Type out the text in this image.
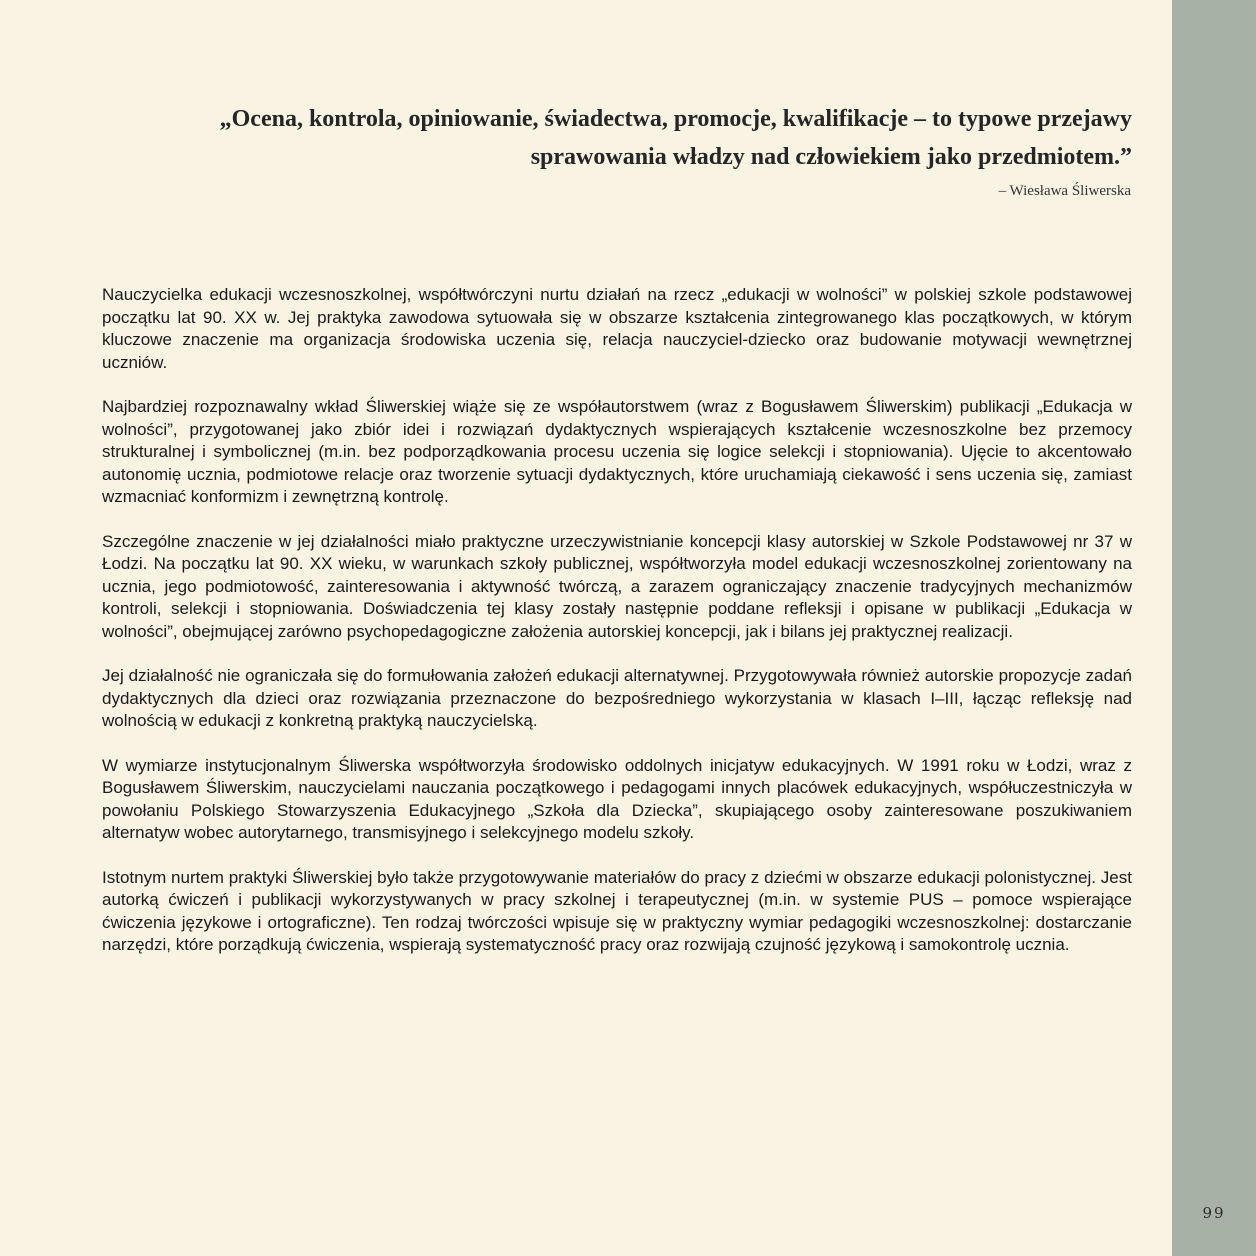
„Ocena, kontrola, opiniowanie, świadectwa, promocje, kwalifikacje – to typowe przejawy sprawowania władzy nad człowiekiem jako przedmiotem.”
– Wiesława Śliwerska

Nauczycielka edukacji wczesnoszkolnej, współtwórczyni nurtu działań na rzecz „edukacji w wolności” w polskiej szkole podstawowej początku lat 90. XX w. Jej praktyka zawodowa sytuowała się w obszarze kształcenia zintegrowanego klas początkowych, w którym kluczowe znaczenie ma organizacja środowiska uczenia się, relacja nauczyciel-dziecko oraz budowanie motywacji wewnętrznej uczniów.

Najbardziej rozpoznawalny wkład Śliwerskiej wiąże się ze współautorstwem (wraz z Bogusławem Śliwerskim) publikacji „Edukacja w wolności”, przygotowanej jako zbiór idei i rozwiązań dydaktycznych wspierających kształcenie wczesnoszkolne bez przemocy strukturalnej i symbolicznej (m.in. bez podporządkowania procesu uczenia się logice selekcji i stopniowania). Ujęcie to akcentowało autonomię ucznia, podmiotowe relacje oraz tworzenie sytuacji dydaktycznych, które uruchamiają ciekawość i sens uczenia się, zamiast wzmacniać konformizm i zewnętrzną kontrolę.

Szczególne znaczenie w jej działalności miało praktyczne urzeczywistnianie koncepcji klasy autorskiej w Szkole Podstawowej nr 37 w Łodzi. Na początku lat 90. XX wieku, w warunkach szkoły publicznej, współtworzyła model edukacji wczesnoszkolnej zorientowany na ucznia, jego podmiotowość, zainteresowania i aktywność twórczą, a zarazem ograniczający znaczenie tradycyjnych mechanizmów kontroli, selekcji i stopniowania. Doświadczenia tej klasy zostały następnie poddane refleksji i opisane w publikacji „Edukacja w wolności”, obejmującej zarówno psychopedagogiczne założenia autorskiej koncepcji, jak i bilans jej praktycznej realizacji.

Jej działalność nie ograniczała się do formułowania założeń edukacji alternatywnej. Przygotowywała również autorskie propozycje zadań dydaktycznych dla dzieci oraz rozwiązania przeznaczone do bezpośredniego wykorzystania w klasach I–III, łącząc refleksję nad wolnością w edukacji z konkretną praktyką nauczycielską.

W wymiarze instytucjonalnym Śliwerska współtworzyła środowisko oddolnych inicjatyw edukacyjnych. W 1991 roku w Łodzi, wraz z Bogusławem Śliwerskim, nauczycielami nauczania początkowego i pedagogami innych placówek edukacyjnych, współuczestniczyła w powołaniu Polskiego Stowarzyszenia Edukacyjnego „Szkoła dla Dziecka”, skupiającego osoby zainteresowane poszukiwaniem alternatyw wobec autorytarnego, transmisyjnego i selekcyjnego modelu szkoły.

Istotnym nurtem praktyki Śliwerskiej było także przygotowywanie materiałów do pracy z dziećmi w obszarze edukacji polonistycznej. Jest autorką ćwiczeń i publikacji wykorzystywanych w pracy szkolnej i terapeutycznej (m.in. w systemie PUS – pomoce wspierające ćwiczenia językowe i ortograficzne). Ten rodzaj twórczości wpisuje się w praktyczny wymiar pedagogiki wczesnoszkolnej: dostarczanie narzędzi, które porządkują ćwiczenia, wspierają systematyczność pracy oraz rozwijają czujność językową i samokontrolę ucznia.

99
